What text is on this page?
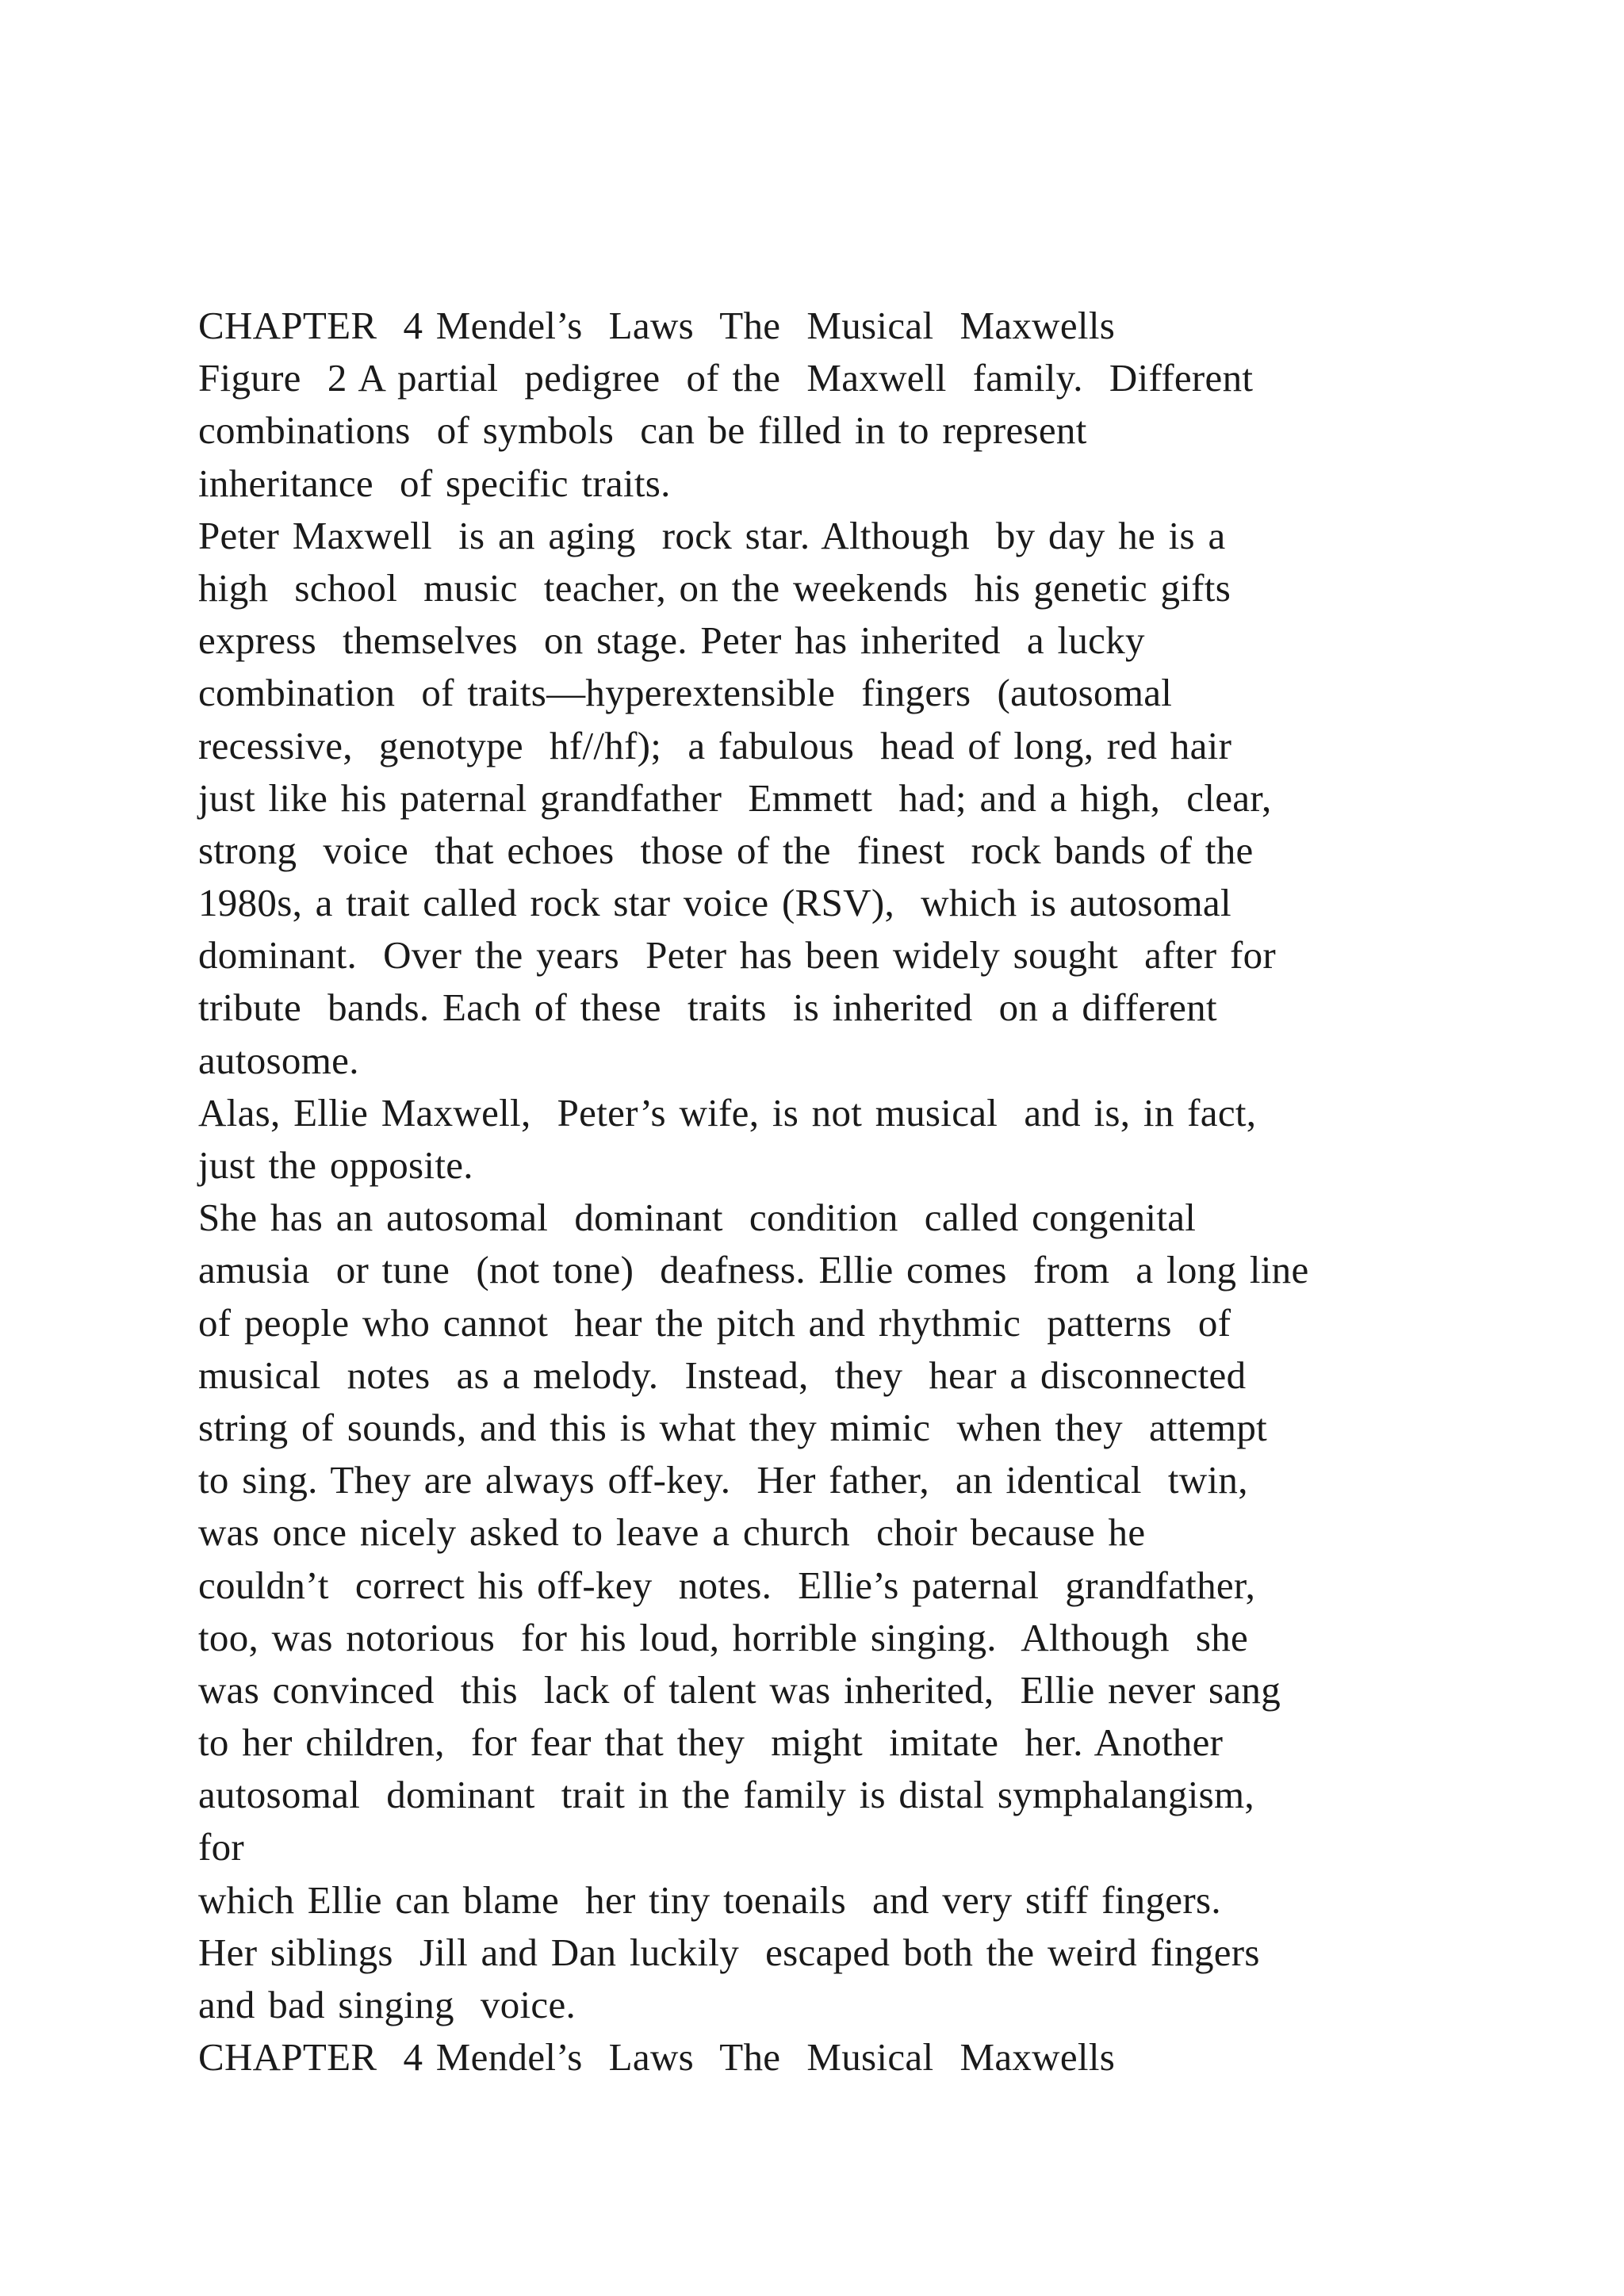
CHAPTER  4 Mendel’s  Laws  The  Musical  Maxwells
Figure  2 A partial  pedigree  of the  Maxwell  family.  Different
combinations  of symbols  can be filled in to represent
inheritance  of specific traits.
Peter Maxwell  is an aging  rock star. Although  by day he is a
high  school  music  teacher, on the weekends  his genetic gifts
express  themselves  on stage. Peter has inherited  a lucky
combination  of traits—hyperextensible  fingers  (autosomal
recessive,  genotype  hf//hf);  a fabulous  head of long, red hair
just like his paternal grandfather  Emmett  had; and a high,  clear,
strong  voice  that echoes  those of the  finest  rock bands of the
1980s, a trait called rock star voice (RSV),  which is autosomal
dominant.  Over the years  Peter has been widely sought  after for
tribute  bands. Each of these  traits  is inherited  on a different
autosome.
Alas, Ellie Maxwell,  Peter’s wife, is not musical  and is, in fact,
just the opposite.
She has an autosomal  dominant  condition  called congenital
amusia  or tune  (not tone)  deafness. Ellie comes  from  a long line
of people who cannot  hear the pitch and rhythmic  patterns  of
musical  notes  as a melody.  Instead,  they  hear a disconnected
string of sounds, and this is what they mimic  when they  attempt
to sing. They are always off-key.  Her father,  an identical  twin,
was once nicely asked to leave a church  choir because he
couldn’t  correct his off-key  notes.  Ellie’s paternal  grandfather,
too, was notorious  for his loud, horrible singing.  Although  she
was convinced  this  lack of talent was inherited,  Ellie never sang
to her children,  for fear that they  might  imitate  her. Another
autosomal  dominant  trait in the family is distal symphalangism,
for
which Ellie can blame  her tiny toenails  and very stiff fingers.
Her siblings  Jill and Dan luckily  escaped both the weird fingers
and bad singing  voice.
CHAPTER  4 Mendel’s  Laws  The  Musical  Maxwells
